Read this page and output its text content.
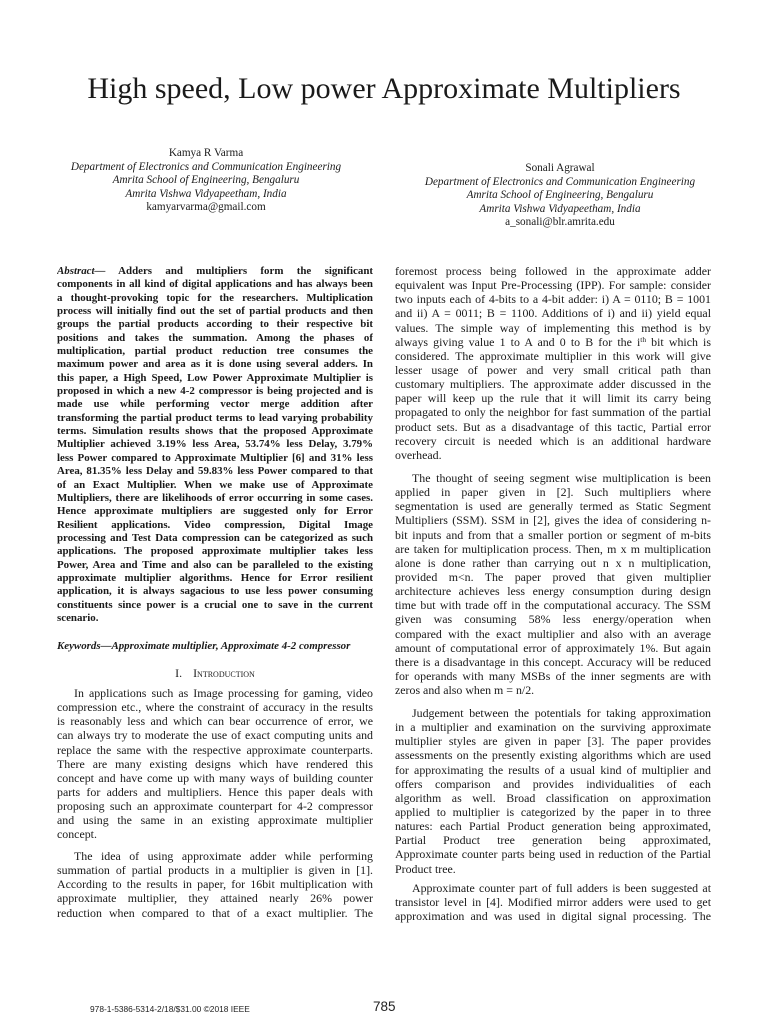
High speed, Low power Approximate Multipliers
Kamya R Varma
Department of Electronics and Communication Engineering
Amrita School of Engineering, Bengaluru
Amrita Vishwa Vidyapeetham, India
kamyarvarma@gmail.com
Sonali Agrawal
Department of Electronics and Communication Engineering
Amrita School of Engineering, Bengaluru
Amrita Vishwa Vidyapeetham, India
a_sonali@blr.amrita.edu
Abstract— Adders and multipliers form the significant
components in all kind of digital applications and has always been
a thought-provoking topic for the researchers. Multiplication
process will initially find out the set of partial products and then
groups the partial products according to their respective bit
positions and takes the summation. Among the phases of
multiplication, partial product reduction tree consumes the
maximum power and area as it is done using several adders. In
this paper, a High Speed, Low Power Approximate Multiplier is
proposed in which a new 4-2 compressor is being projected and is
made use while performing vector merge addition after
transforming the partial product terms to lead varying probability
terms. Simulation results shows that the proposed Approximate
Multiplier achieved 3.19% less Area, 53.74% less Delay, 3.79%
less Power compared to Approximate Multiplier [6] and 31% less
Area, 81.35% less Delay and 59.83% less Power compared to that
of an Exact Multiplier. When we make use of Approximate
Multipliers, there are likelihoods of error occurring in some cases.
Hence approximate multipliers are suggested only for Error
Resilient applications. Video compression, Digital Image
processing and Test Data compression can be categorized as such
applications. The proposed approximate multiplier takes less
Power, Area and Time and also can be paralleled to the existing
approximate multiplier algorithms. Hence for Error resilient
application, it is always sagacious to use less power consuming
constituents since power is a crucial one to save in the current
scenario.
Keywords—Approximate multiplier, Approximate 4-2 compressor
I. Introduction
In applications such as Image processing for gaming, video
compression etc., where the constraint of accuracy in the results
is reasonably less and which can bear occurrence of error, we
can always try to moderate the use of exact computing units and
replace the same with the respective approximate counterparts.
There are many existing designs which have rendered this
concept and have come up with many ways of building counter
parts for adders and multipliers. Hence this paper deals with
proposing such an approximate counterpart for 4-2 compressor
and using the same in an existing approximate multiplier
concept.
The idea of using approximate adder while performing
summation of partial products in a multiplier is given in [1].
According to the results in paper, for 16bit multiplication with
approximate multiplier, they attained nearly 26% power
reduction when compared to that of a exact multiplier. The
foremost process being followed in the approximate adder
equivalent was Input Pre-Processing (IPP). For sample: consider
two inputs each of 4-bits to a 4-bit adder: i) A = 0110; B = 1001
and ii) A = 0011; B = 1100. Additions of i) and ii) yield equal
values. The simple way of implementing this method is by
always giving value 1 to A and 0 to B for the $i^{th}$ bit which is
considered. The approximate multiplier in this work will give
lesser usage of power and very small critical path than
customary multipliers. The approximate adder discussed in the
paper will keep up the rule that it will limit its carry being
propagated to only the neighbor for fast summation of the partial
product sets. But as a disadvantage of this tactic, Partial error
recovery circuit is needed which is an additional hardware
overhead.
The thought of seeing segment wise multiplication is been
applied in paper given in [2]. Such multipliers where
segmentation is used are generally termed as Static Segment
Multipliers (SSM). SSM in [2], gives the idea of considering n-
bit inputs and from that a smaller portion or segment of m-bits
are taken for multiplication process. Then, m x m multiplication
alone is done rather than carrying out n x n multiplication,
provided m<n. The paper proved that given multiplier
architecture achieves less energy consumption during design
time but with trade off in the computational accuracy. The SSM
given was consuming 58% less energy/operation when
compared with the exact multiplier and also with an average
amount of computational error of approximately 1%. But again
there is a disadvantage in this concept. Accuracy will be reduced
for operands with many MSBs of the inner segments are with
zeros and also when m = n/2.
Judgement between the potentials for taking approximation
in a multiplier and examination on the surviving approximate
multiplier styles are given in paper [3]. The paper provides
assessments on the presently existing algorithms which are used
for approximating the results of a usual kind of multiplier and
offers comparison and provides individualities of each
algorithm as well. Broad classification on approximation
applied to multiplier is categorized by the paper in to three
natures: each Partial Product generation being approximated,
Partial Product tree generation being approximated,
Approximate counter parts being used in reduction of the Partial
Product tree.
Approximate counter part of full adders is been suggested at
transistor level in [4]. Modified mirror adders were used to get
approximation and was used in digital signal processing. The
978-1-5386-5314-2/18/$31.00 ©2018 IEEE	785
